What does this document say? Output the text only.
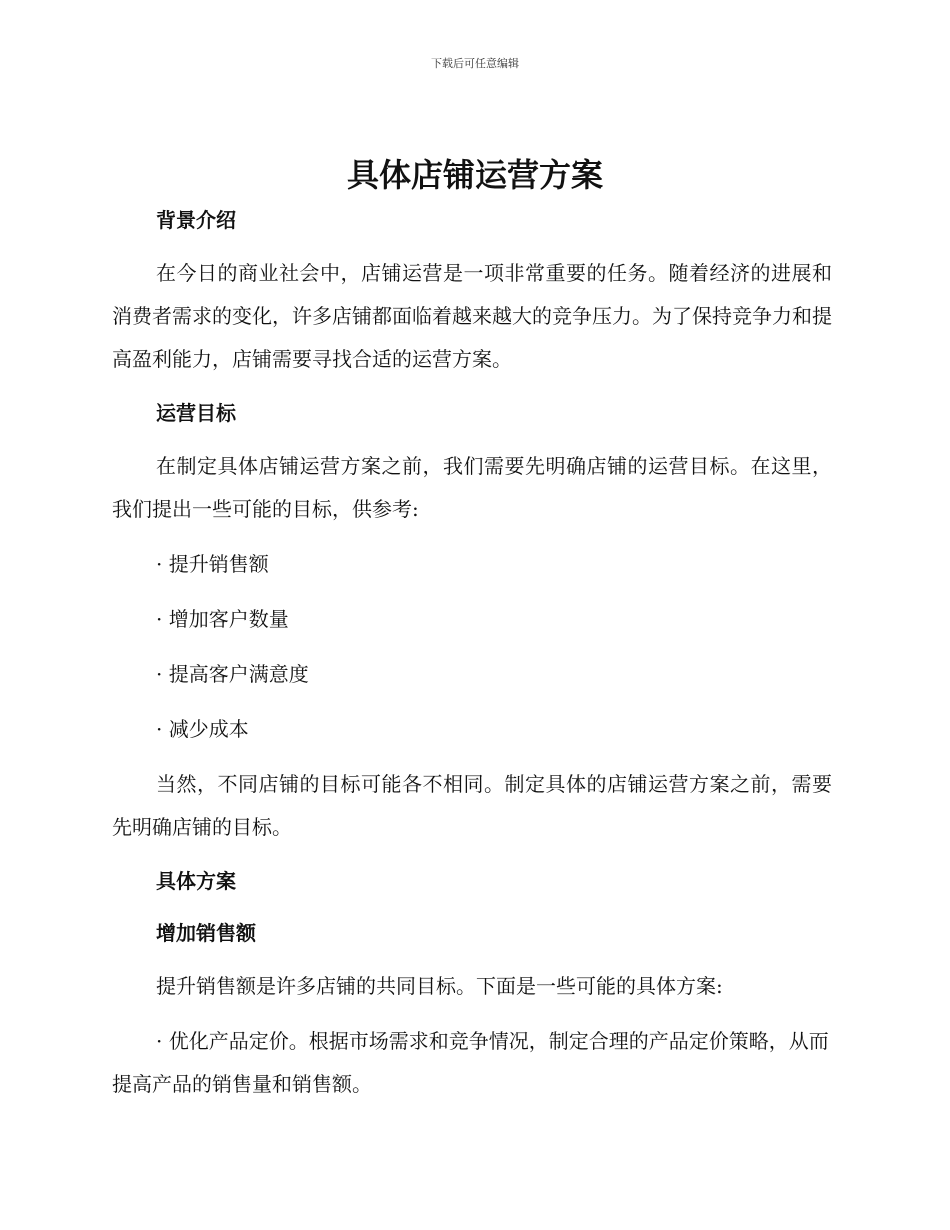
下载后可任意编辑
具体店铺运营方案
背景介绍

在今日的商业社会中，店铺运营是一项非常重要的任务。随着经济的进展和消费者需求的变化，许多店铺都面临着越来越大的竞争压力。为了保持竞争力和提高盈利能力，店铺需要寻找合适的运营方案。

运营目标

在制定具体店铺运营方案之前，我们需要先明确店铺的运营目标。在这里，我们提出一些可能的目标，供参考:

· 提升销售额

· 增加客户数量

· 提高客户满意度

· 减少成本

当然，不同店铺的目标可能各不相同。制定具体的店铺运营方案之前，需要先明确店铺的目标。

具体方案
增加销售额

提升销售额是许多店铺的共同目标。下面是一些可能的具体方案:

· 优化产品定价。根据市场需求和竞争情况，制定合理的产品定价策略，从而提高产品的销售量和销售额。
